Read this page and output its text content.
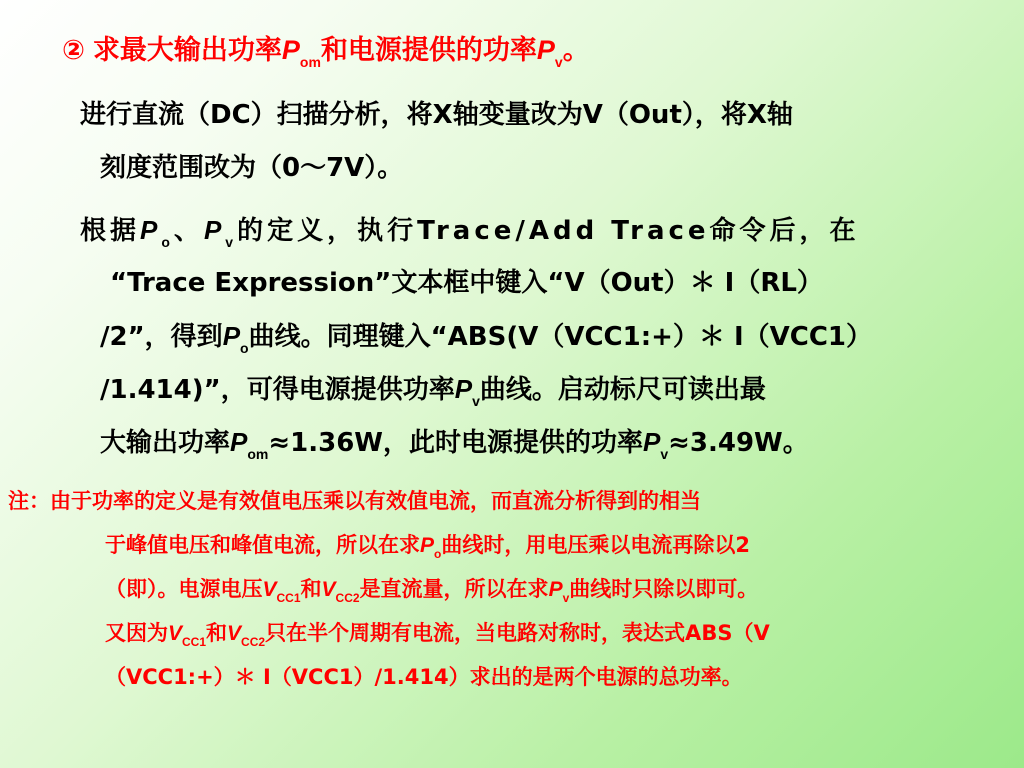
② 求最大输出功率$P_{om}$和电源提供的功率$P_v$。
进行直流（DC）扫描分析，将X轴变量改为V（Out），将X轴
刻度范围改为（0～7V）。
根据$P_o$、$P_v$的定义，执行Trace/Add Trace命令后，在
“Trace Expression”文本框中键入“V（Out）＊ I（RL）
/2”，得到$P_o$曲线。同理键入“ABS(V（VCC1:+）＊ I（VCC1）
/1.414)”，可得电源提供功率$P_v$曲线。启动标尺可读出最
大输出功率$P_{om}\approx 1.36W$，此时电源提供的功率$P_v\approx 3.49W$。
注：由于功率的定义是有效值电压乘以有效值电流，而直流分析得到的相当
于峰值电压和峰值电流，所以在求$P_o$曲线时，用电压乘以电流再除以2
（即）。电源电压$V_{CC1}$和$V_{CC2}$是直流量，所以在求$P_v$曲线时只除以即可。
又因为$V_{CC1}$和$V_{CC2}$只在半个周期有电流，当电路对称时，表达式ABS（V
（VCC1:+）＊ I（VCC1）/1.414）求出的是两个电源的总功率。
